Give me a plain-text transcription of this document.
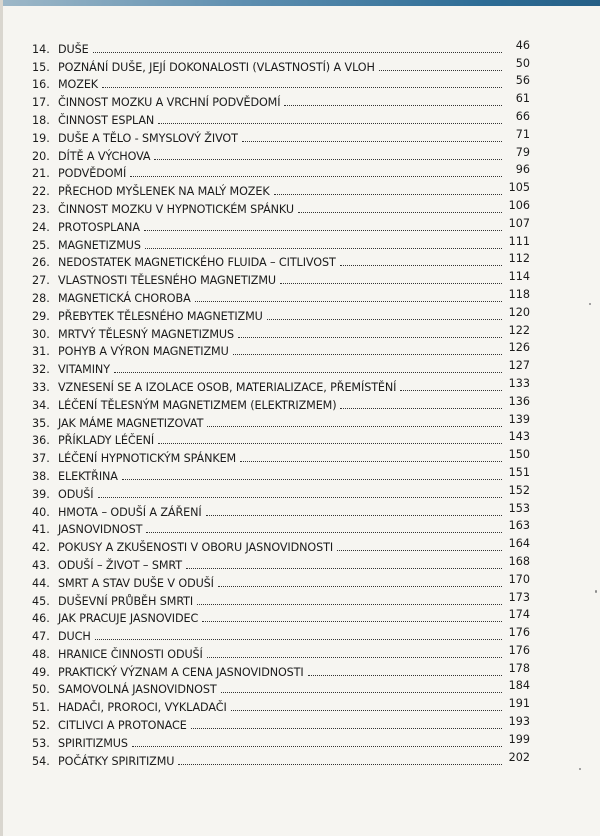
14. DUŠE	46
15. POZNÁNÍ DUŠE, JEJÍ DOKONALOSTI (VLASTNOSTÍ) A VLOH	50
16. MOZEK	56
17. ČINNOST MOZKU A VRCHNÍ PODVĚDOMÍ	61
18. ČINNOST ESPLAN	66
19. DUŠE A TĚLO - SMYSLOVÝ ŽIVOT	71
20. DÍTĚ A VÝCHOVA	79
21. PODVĚDOMÍ	96
22. PŘECHOD MYŠLENEK NA MALÝ MOZEK	105
23. ČINNOST MOZKU V HYPNOTICKÉM SPÁNKU	106
24. PROTOSPLANA	107
25. MAGNETIZMUS	111
26. NEDOSTATEK MAGNETICKÉHO FLUIDA – CITLIVOST	112
27. VLASTNOSTI TĚLESNÉHO MAGNETIZMU	114
28. MAGNETICKÁ CHOROBA	118
29. PŘEBYTEK TĚLESNÉHO MAGNETIZMU	120
30. MRTVÝ TĚLESNÝ MAGNETIZMUS	122
31. POHYB A VÝRON MAGNETIZMU	126
32. VITAMINY	127
33. VZNESENÍ SE A IZOLACE OSOB, MATERIALIZACE, PŘEMÍSTĚNÍ	133
34. LÉČENÍ TĚLESNÝM MAGNETIZMEM (ELEKTRIZMEM)	136
35. JAK MÁME MAGNETIZOVAT	139
36. PŘÍKLADY LÉČENÍ	143
37. LÉČENÍ HYPNOTICKÝM SPÁNKEM	150
38. ELEKTŘINA	151
39. ODUŠÍ	152
40. HMOTA – ODUŠÍ A ZÁŘENÍ	153
41. JASNOVIDNOST	163
42. POKUSY A ZKUŠENOSTI V OBORU JASNOVIDNOSTI	164
43. ODUŠÍ – ŽIVOT – SMRT	168
44. SMRT A STAV DUŠE V ODUŠÍ	170
45. DUŠEVNÍ PRŮBĚH SMRTI	173
46. JAK PRACUJE JASNOVIDEC	174
47. DUCH	176
48. HRANICE ČINNOSTI ODUŠÍ	176
49. PRAKTICKÝ VÝZNAM A CENA JASNOVIDNOSTI	178
50. SAMOVOLNÁ JASNOVIDNOST	184
51. HADAČI, PROROCI, VYKLADAČI	191
52. CITLIVCI A PROTONACE	193
53. SPIRITIZMUS	199
54. POČÁTKY SPIRITIZMU	202
